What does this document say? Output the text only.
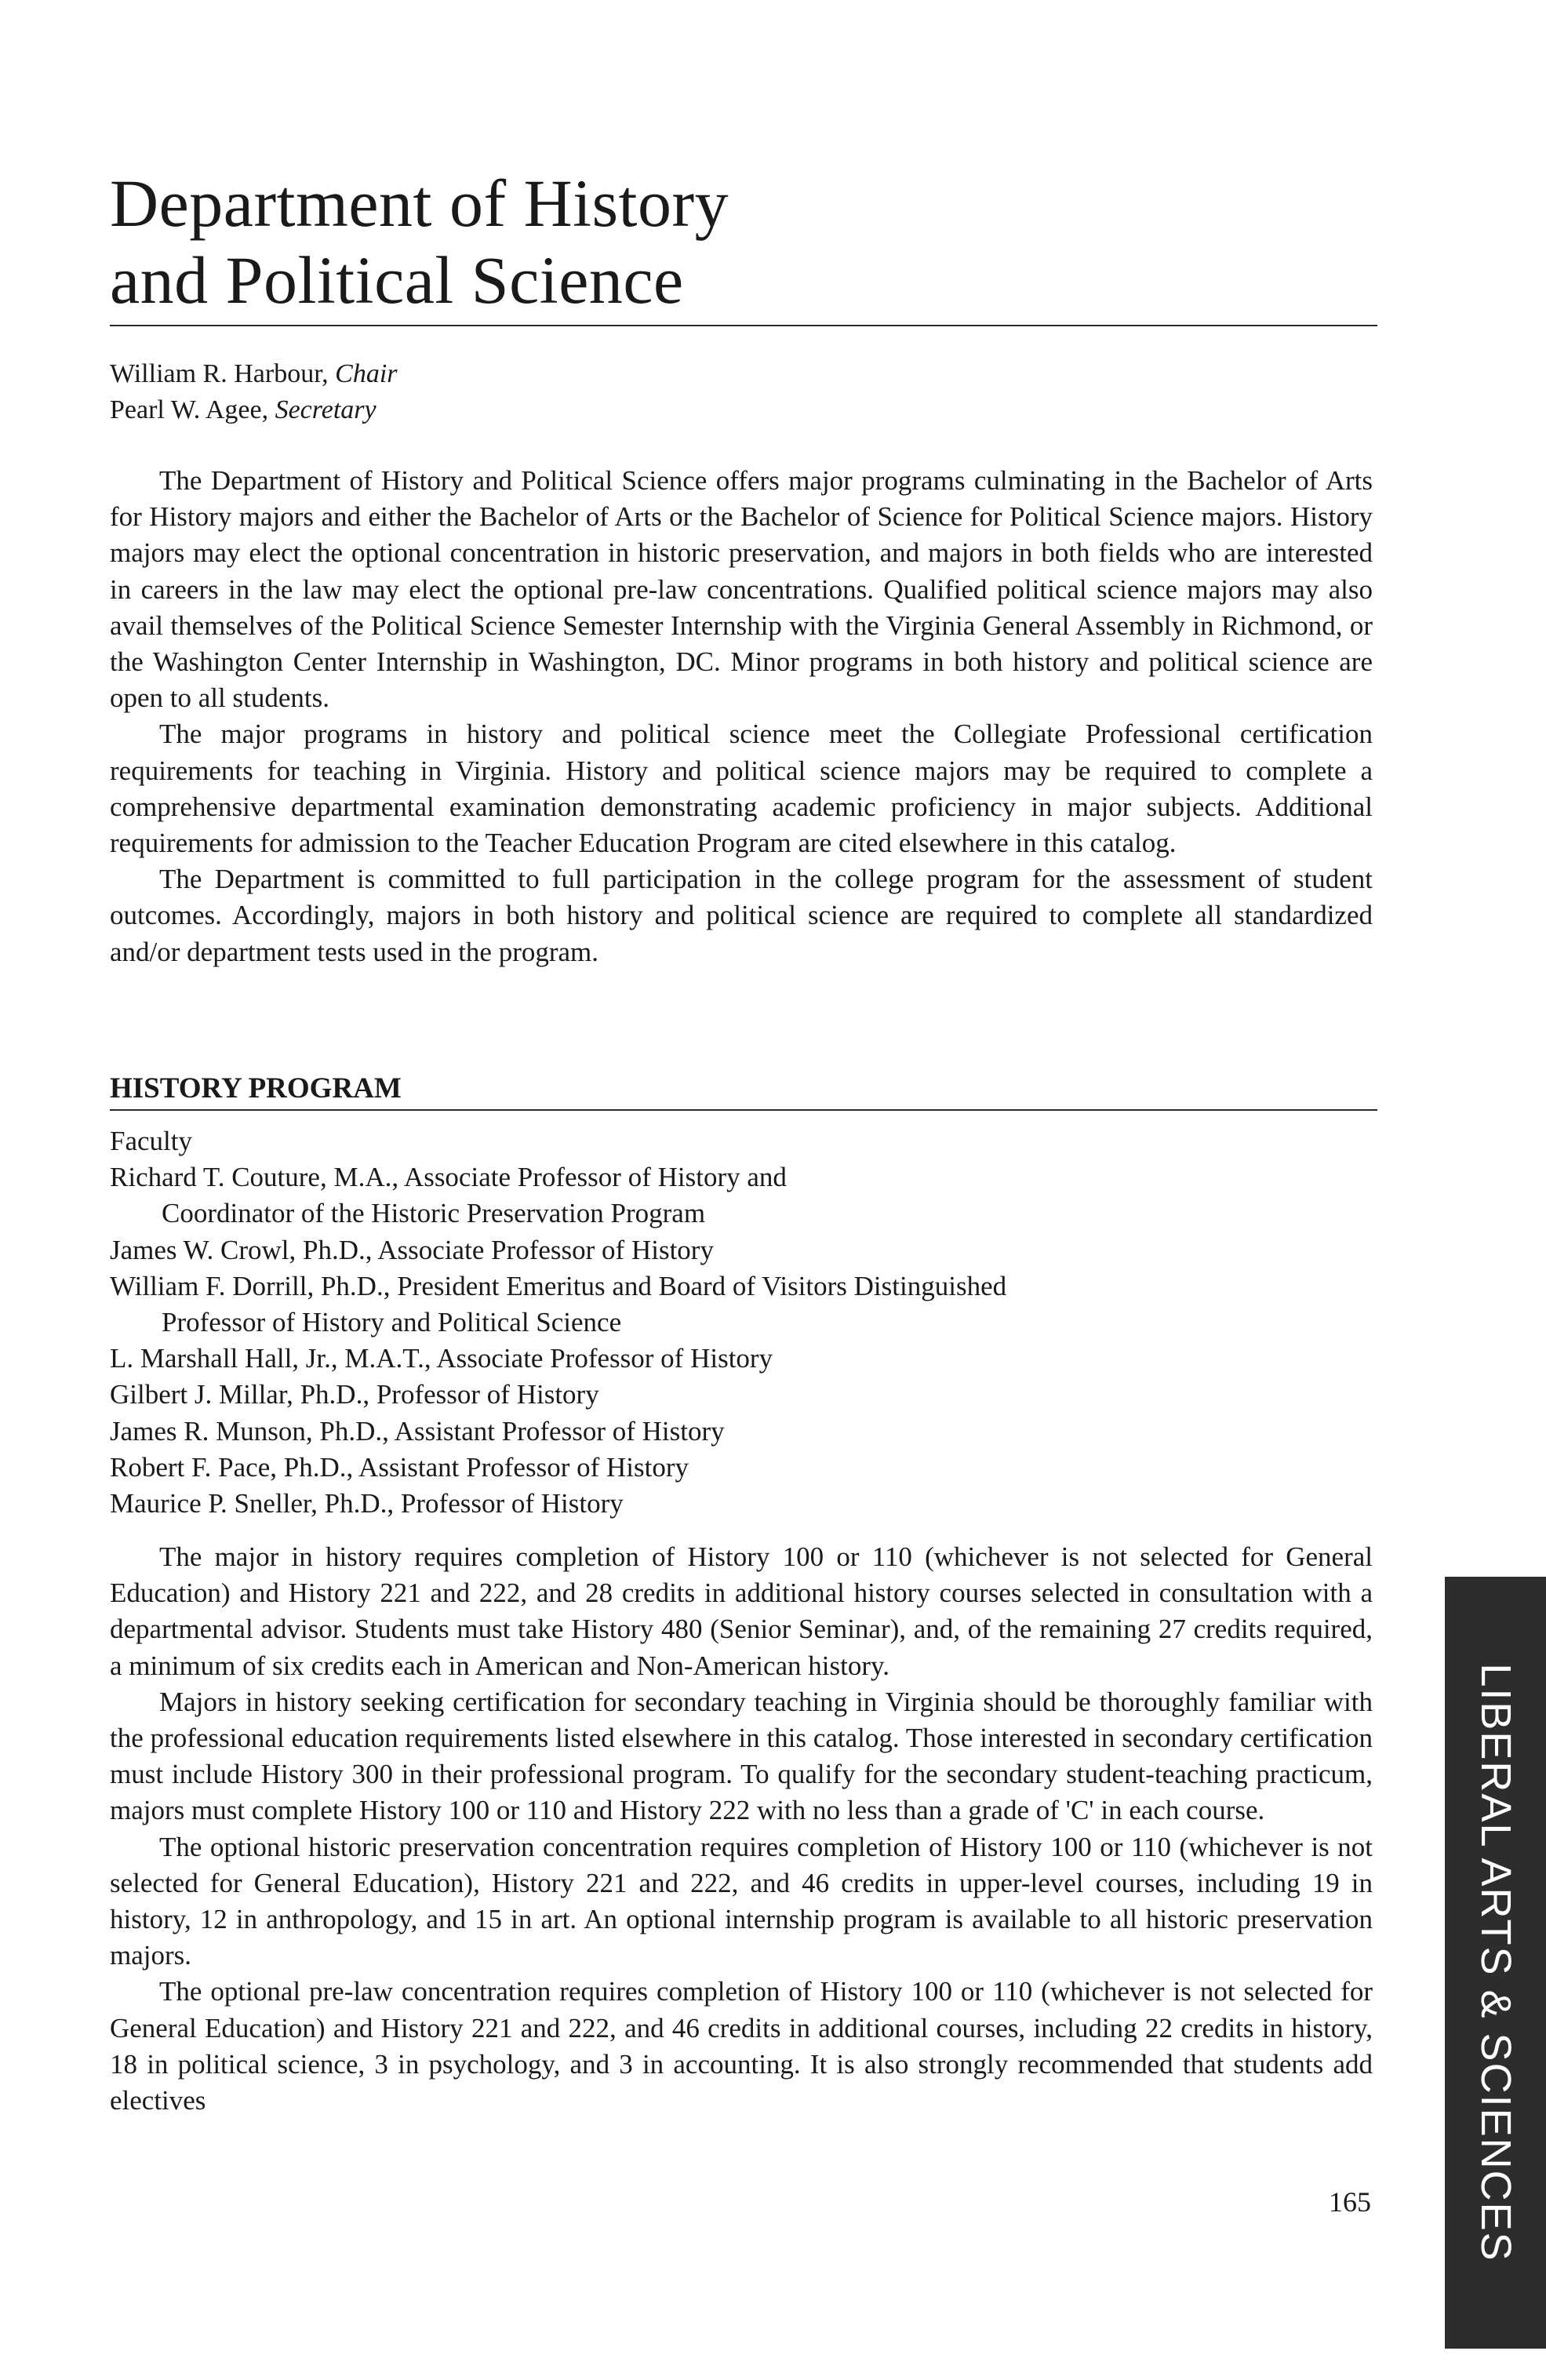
Department of History
and Political Science
William R. Harbour, Chair
Pearl W. Agee, Secretary

The Department of History and Political Science offers major programs culminating in the Bachelor of Arts for History majors and either the Bachelor of Arts or the Bachelor of Science for Political Science majors. History majors may elect the optional concentration in historic preservation, and majors in both fields who are interested in careers in the law may elect the optional pre-law concentrations. Qualified political science majors may also avail themselves of the Political Science Semester Internship with the Virginia General Assembly in Richmond, or the Washington Center Internship in Washington, DC. Minor programs in both history and political science are open to all students.

The major programs in history and political science meet the Collegiate Professional certification requirements for teaching in Virginia. History and political science majors may be required to complete a comprehensive departmental examination demonstrating academic proficiency in major subjects. Additional requirements for admission to the Teacher Education Program are cited elsewhere in this catalog.

The Department is committed to full participation in the college program for the assessment of student outcomes. Accordingly, majors in both history and political science are required to complete all standardized and/or department tests used in the program.

HISTORY PROGRAM
Faculty
Richard T. Couture, M.A., Associate Professor of History and
Coordinator of the Historic Preservation Program
James W. Crowl, Ph.D., Associate Professor of History
William F. Dorrill, Ph.D., President Emeritus and Board of Visitors Distinguished
Professor of History and Political Science
L. Marshall Hall, Jr., M.A.T., Associate Professor of History
Gilbert J. Millar, Ph.D., Professor of History
James R. Munson, Ph.D., Assistant Professor of History
Robert F. Pace, Ph.D., Assistant Professor of History
Maurice P. Sneller, Ph.D., Professor of History

The major in history requires completion of History 100 or 110 (whichever is not selected for General Education) and History 221 and 222, and 28 credits in additional history courses selected in consultation with a departmental advisor. Students must take History 480 (Senior Seminar), and, of the remaining 27 credits required, a minimum of six credits each in American and Non-American history.

Majors in history seeking certification for secondary teaching in Virginia should be thoroughly familiar with the professional education requirements listed elsewhere in this catalog. Those interested in secondary certification must include History 300 in their professional program. To qualify for the secondary student-teaching practicum, majors must complete History 100 or 110 and History 222 with no less than a grade of 'C' in each course.

The optional historic preservation concentration requires completion of History 100 or 110 (whichever is not selected for General Education), History 221 and 222, and 46 credits in upper-level courses, including 19 in history, 12 in anthropology, and 15 in art. An optional internship program is available to all historic preservation majors.

The optional pre-law concentration requires completion of History 100 or 110 (whichever is not selected for General Education) and History 221 and 222, and 46 credits in additional courses, including 22 credits in history, 18 in political science, 3 in psychology, and 3 in accounting. It is also strongly recommended that students add electives

165 LIBERAL ARTS & SCIENCES
